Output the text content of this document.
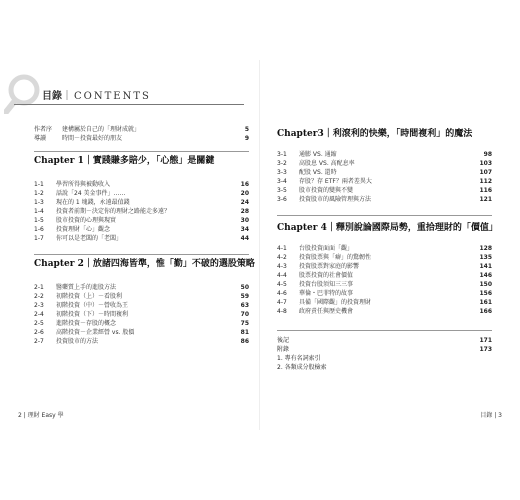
目錄｜CONTENTS
作者序	建構屬於自己的「理財成就」	5
導讀	時間－投資最好的朋友	9
Chapter 1｜實踐賺多賠少，「心態」是關鍵
1-1	學習所得與被動收入	16
1-2	話說「24 美金事件」……	20
1-3	現在的 1 塊錢，永遠最值錢	24
1-4	投資者前期－決定你的理財之路能走多遠？	28
1-5	股市投資的心理與現實	30
1-6	投資理財「心」觀念	34
1-7	你可以是老闆的「老闆」	44
Chapter 2｜放諸四海皆準，惟「勤」不破的選股策略
2-1	醫藥質上手的進股方法	50
2-2	初階投資（上）－看股利	59
2-3	初階投資（中）－營收為王	63
2-4	初階投資（下）－時間複利	70
2-5	進階投資－存股的概念	75
2-6	高階投資－企業經營 vs. 股價	81
2-7	投資股市的方法	86
Chapter3｜利滾利的快樂，「時間複利」的魔法
3-1	通膨 VS. 通縮	98
3-2	高股息 VS. 高配息率	103
3-3	配股 VS. 還時	107
3-4	存股？存 ETF？兩者差異大	112
3-5	股市投資的變與不變	116
3-6	投資股市的風險管理與方法	121
Chapter 4｜釋別說論國際局勢，重拾理財的「價值」
4-1	台股投資面面「觀」	128
4-2	投資股票與「癖」的驚韌性	135
4-3	投資股票對家庭的影響	141
4-4	股票投資的社會價值	146
4-5	投資台股須知三三事	150
4-6	華倫・巴菲特的故事	156
4-7	具備「國際觀」的投資理財	161
4-8	政府責任與歷史機會	166
後記	171
附錄	173
1. 專有名詞索引
2. 各類成分股檢索
2 | 理財 Easy 學	目錄 | 3
